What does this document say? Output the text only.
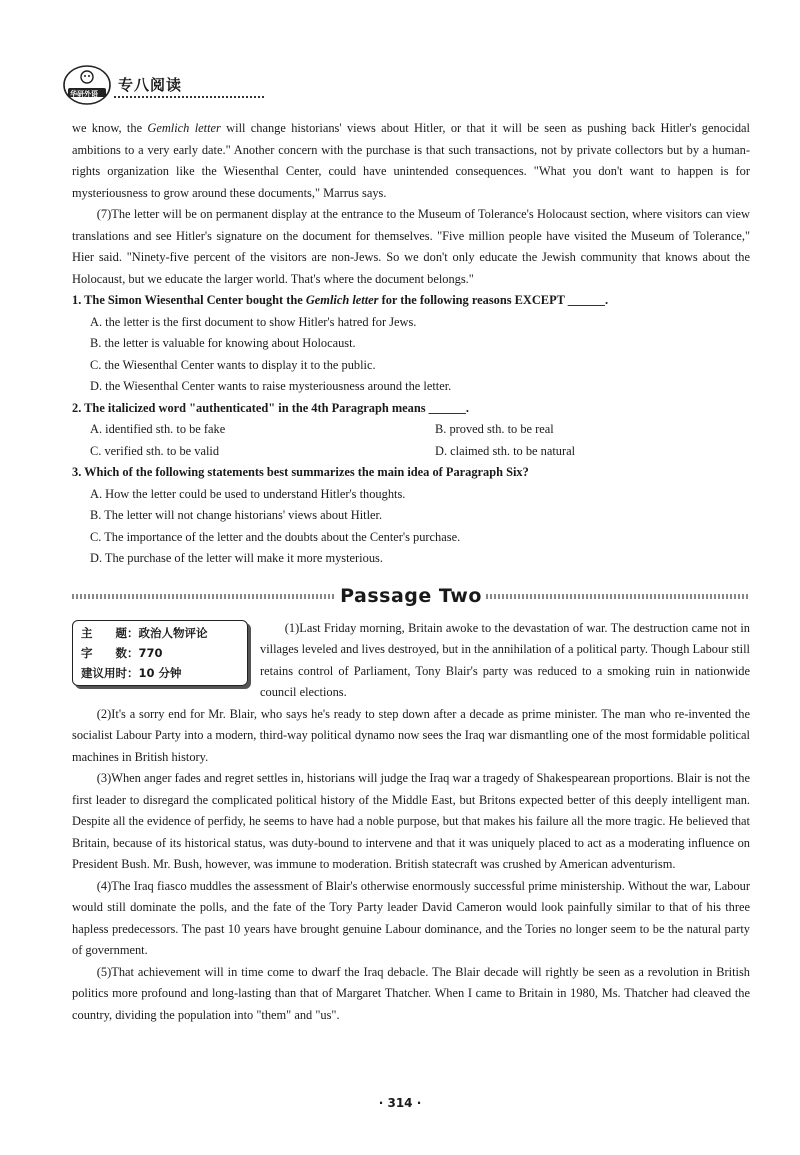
华研外语 专八阅读

we know, the Gemlich letter will change historians' views about Hitler, or that it will be seen as pushing back Hitler's genocidal ambitions to a very early date." Another concern with the purchase is that such transactions, not by private collectors but by a human-rights organization like the Wiesenthal Center, could have unintended consequences. "What you don't want to happen is for mysteriousness to grow around these documents," Marrus says.

(7)The letter will be on permanent display at the entrance to the Museum of Tolerance's Holocaust section, where visitors can view translations and see Hitler's signature on the document for themselves. "Five million people have visited the Museum of Tolerance," Hier said. "Ninety-five percent of the visitors are non-Jews. So we don't only educate the Jewish community that knows about the Holocaust, but we educate the larger world. That's where the document belongs."

1. The Simon Wiesenthal Center bought the Gemlich letter for the following reasons EXCEPT ______.

A. the letter is the first document to show Hitler's hatred for Jews.

B. the letter is valuable for knowing about Holocaust.

C. the Wiesenthal Center wants to display it to the public.

D. the Wiesenthal Center wants to raise mysteriousness around the letter.

2. The italicized word "authenticated" in the 4th Paragraph means ______.

A. identified sth. to be fake	B. proved sth. to be real
C. verified sth. to be valid	D. claimed sth. to be natural

3. Which of the following statements best summarizes the main idea of Paragraph Six?

A. How the letter could be used to understand Hitler's thoughts.

B. The letter will not change historians' views about Hitler.

C. The importance of the letter and the doubts about the Center's purchase.

D. The purchase of the letter will make it more mysterious.

Passage Two
主　　题：政治人物评论
字　　数：770
建议用时：10 分钟

(1)Last Friday morning, Britain awoke to the devastation of war. The destruction came not in villages leveled and lives destroyed, but in the annihilation of a political party. Though Labour still retains control of Parliament, Tony Blair's party was reduced to a smoking ruin in nationwide council elections.

(2)It's a sorry end for Mr. Blair, who says he's ready to step down after a decade as prime minister. The man who re-invented the socialist Labour Party into a modern, third-way political dynamo now sees the Iraq war dismantling one of the most formidable political machines in British history.

(3)When anger fades and regret settles in, historians will judge the Iraq war a tragedy of Shakespearean proportions. Blair is not the first leader to disregard the complicated political history of the Middle East, but Britons expected better of this deeply intelligent man. Despite all the evidence of perfidy, he seems to have had a noble purpose, but that makes his failure all the more tragic. He believed that Britain, because of its historical status, was duty-bound to intervene and that it was uniquely placed to act as a moderating influence on President Bush. Mr. Bush, however, was immune to moderation. British statecraft was crushed by American adventurism.

(4)The Iraq fiasco muddles the assessment of Blair's otherwise enormously successful prime ministership. Without the war, Labour would still dominate the polls, and the fate of the Tory Party leader David Cameron would look painfully similar to that of his three hapless predecessors. The past 10 years have brought genuine Labour dominance, and the Tories no longer seem to be the natural party of government.

(5)That achievement will in time come to dwarf the Iraq debacle. The Blair decade will rightly be seen as a revolution in British politics more profound and long-lasting than that of Margaret Thatcher. When I came to Britain in 1980, Ms. Thatcher had cleaved the country, dividing the population into "them" and "us".

· 314 ·
